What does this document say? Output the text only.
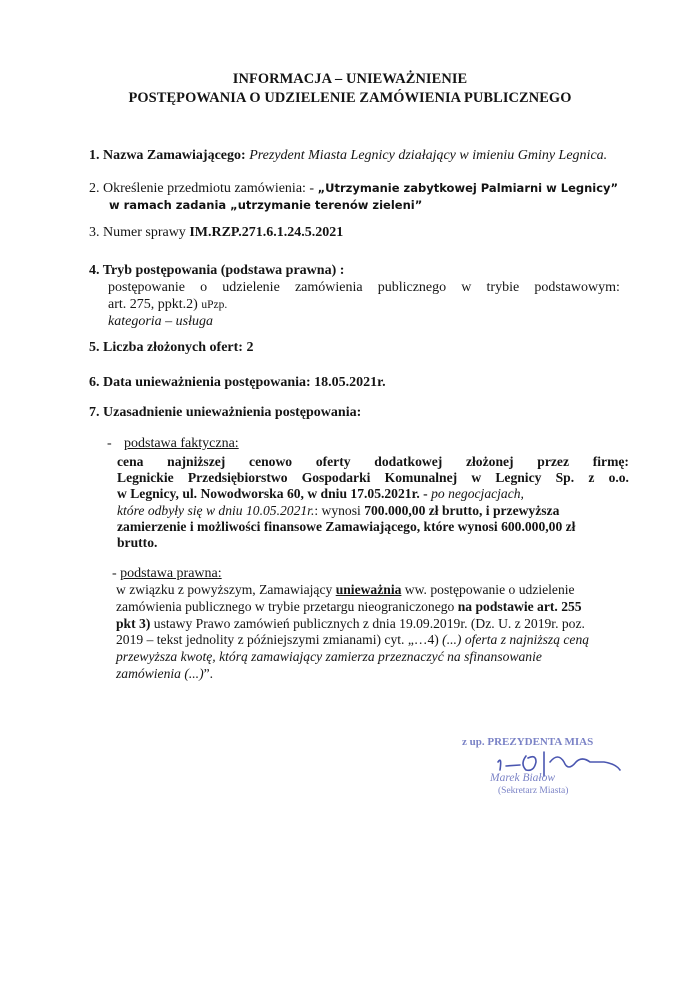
INFORMACJA – UNIEWAŻNIENIE
POSTĘPOWANIA O UDZIELENIE ZAMÓWIENIA PUBLICZNEGO
1. Nazwa Zamawiającego: Prezydent Miasta Legnicy działający w imieniu Gminy Legnica.
2. Określenie przedmiotu zamówienia: - „Utrzymanie zabytkowej Palmiarni w Legnicy”
w ramach zadania „utrzymanie terenów zieleni”
3. Numer sprawy IM.RZP.271.6.1.24.5.2021
4. Tryb postępowania (podstawa prawna) :
postępowanie o udzielenie zamówienia publicznego w trybie podstawowym:
art. 275, ppkt.2) uPzp.
kategoria – usługa
5. Liczba złożonych ofert: 2
6. Data unieważnienia postępowania: 18.05.2021r.
7. Uzasadnienie unieważnienia postępowania:
- podstawa faktyczna:
cena najniższej cenowo oferty dodatkowej złożonej przez firmę:
Legnickie Przedsiębiorstwo Gospodarki Komunalnej w Legnicy Sp. z o.o.
w Legnicy, ul. Nowodworska 60, w dniu 17.05.2021r. - po negocjacjach,
które odbyły się w dniu 10.05.2021r.: wynosi 700.000,00 zł brutto, i przewyższa
zamierzenie i możliwości finansowe Zamawiającego, które wynosi 600.000,00 zł
brutto.
- podstawa prawna:
w związku z powyższym, Zamawiający unieważnia ww. postępowanie o udzielenie
zamówienia publicznego w trybie przetargu nieograniczonego na podstawie art. 255
pkt 3) ustawy Prawo zamówień publicznych z dnia 19.09.2019r. (Dz. U. z 2019r. poz.
2019 – tekst jednolity z późniejszymi zmianami) cyt. „…4) (...) oferta z najniższą ceną
przewyższa kwotę, którą zamawiający zamierza przeznaczyć na sfinansowanie
zamówienia (...)”.
z up. PREZYDENTA MIAS
Marek Białow
(Sekretarz Miasta)
